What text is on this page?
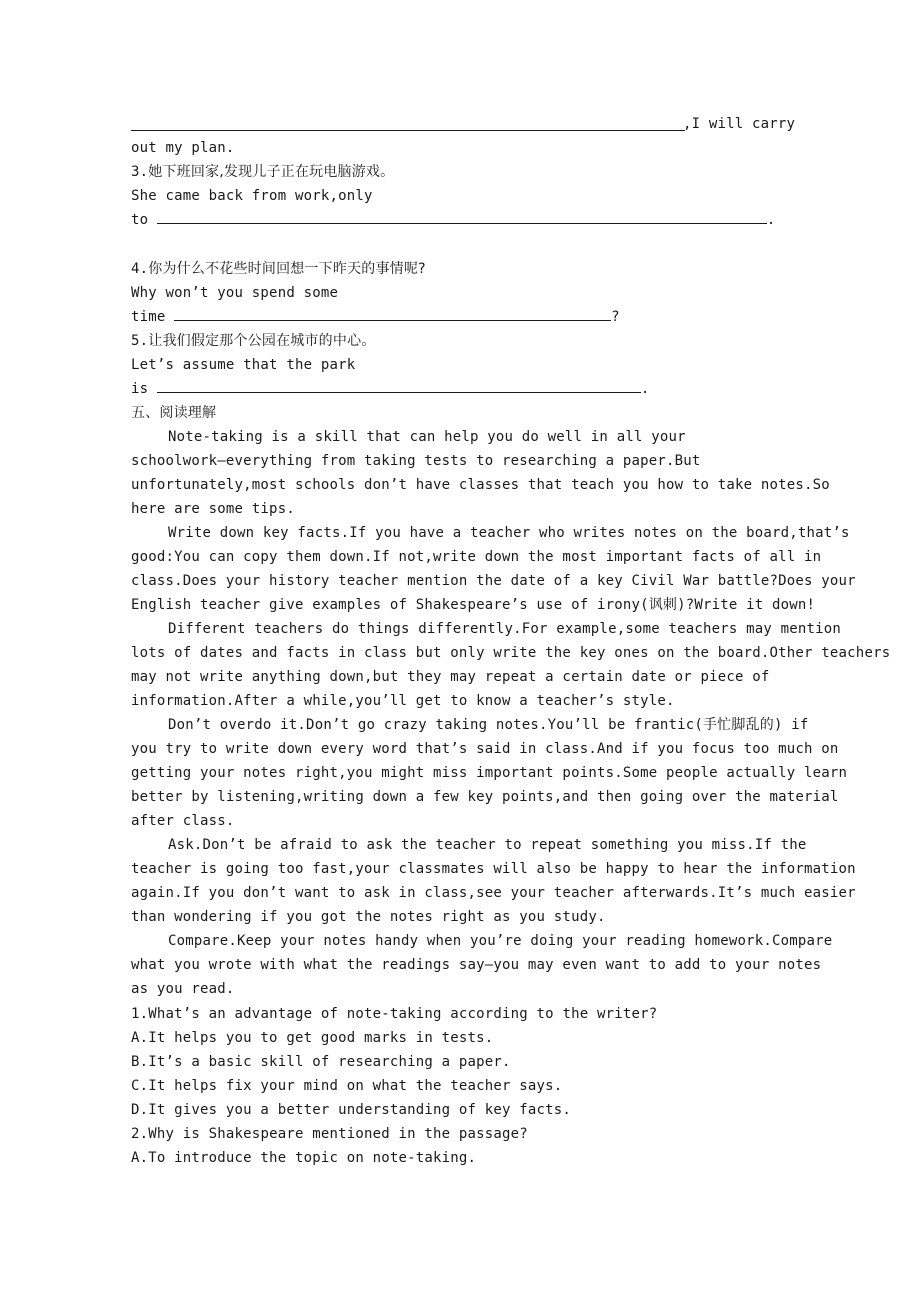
,I will carry
out my plan.
3.她下班回家,发现儿子正在玩电脑游戏。
She came back from work,only
to	.
4.你为什么不花些时间回想一下昨天的事情呢?
Why won’t you spend some
time	?
5.让我们假定那个公园在城市的中心。
Let’s assume that the park
is	.
五、阅读理解
Note-taking is a skill that can help you do well in all your
schoolwork—everything from taking tests to researching a paper.But
unfortunately,most schools don’t have classes that teach you how to take notes.So
here are some tips.
Write down key facts.If you have a teacher who writes notes on the board,that’s
good:You can copy them down.If not,write down the most important facts of all in
class.Does your history teacher mention the date of a key Civil War battle?Does your
English teacher give examples of Shakespeare’s use of irony(讽刺)?Write it down!
Different teachers do things differently.For example,some teachers may mention
lots of dates and facts in class but only write the key ones on the board.Other teachers
may not write anything down,but they may repeat a certain date or piece of
information.After a while,you’ll get to know a teacher’s style.
Don’t overdo it.Don’t go crazy taking notes.You’ll be frantic(手忙脚乱的) if
you try to write down every word that’s said in class.And if you focus too much on
getting your notes right,you might miss important points.Some people actually learn
better by listening,writing down a few key points,and then going over the material
after class.
Ask.Don’t be afraid to ask the teacher to repeat something you miss.If the
teacher is going too fast,your classmates will also be happy to hear the information
again.If you don’t want to ask in class,see your teacher afterwards.It’s much easier
than wondering if you got the notes right as you study.
Compare.Keep your notes handy when you’re doing your reading homework.Compare
what you wrote with what the readings say—you may even want to add to your notes
as you read.
1.What’s an advantage of note-taking according to the writer?
A.It helps you to get good marks in tests.
B.It’s a basic skill of researching a paper.
C.It helps fix your mind on what the teacher says.
D.It gives you a better understanding of key facts.
2.Why is Shakespeare mentioned in the passage?
A.To introduce the topic on note-taking.
